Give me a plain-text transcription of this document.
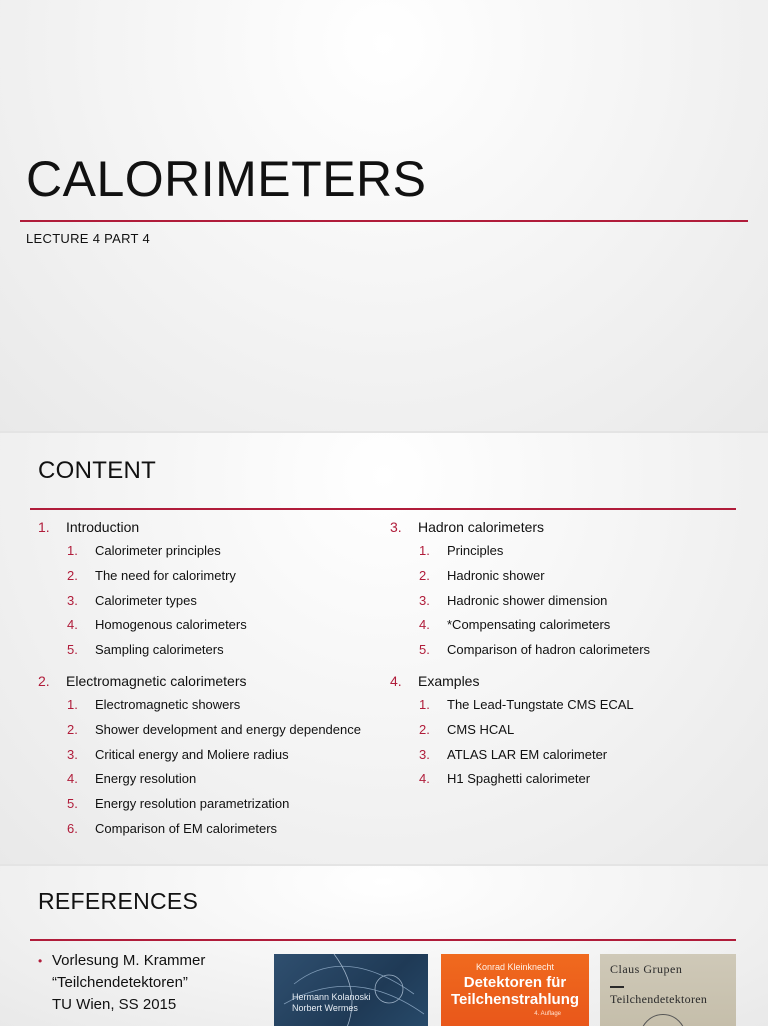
CALORIMETERS
LECTURE 4 PART 4
CONTENT
1.	Introduction
1.	Calorimeter principles
2.	The need for calorimetry
3.	Calorimeter types
4.	Homogenous calorimeters
5.	Sampling calorimeters
2.	Electromagnetic calorimeters
1.	Electromagnetic showers
2.	Shower development and energy dependence
3.	Critical energy and Moliere radius
4.	Energy resolution
5.	Energy resolution parametrization
6.	Comparison of EM calorimeters
3.	Hadron calorimeters
1.	Principles
2.	Hadronic shower
3.	Hadronic shower dimension
4.	*Compensating calorimeters
5.	Comparison of hadron calorimeters
4.	Examples
1.	The Lead-Tungstate CMS ECAL
2.	CMS HCAL
3.	ATLAS LAR EM calorimeter
4.	H1 Spaghetti calorimeter
REFERENCES
• Vorlesung M. Krammer
“Teilchendetektoren”
TU Wien, SS 2015	Hermann Kolanoski
Norbert Wermes
Konrad Kleinknecht
Detektoren für
Teilchenstrahlung
4. Auflage
Claus Grupen
Teilchendetektoren
